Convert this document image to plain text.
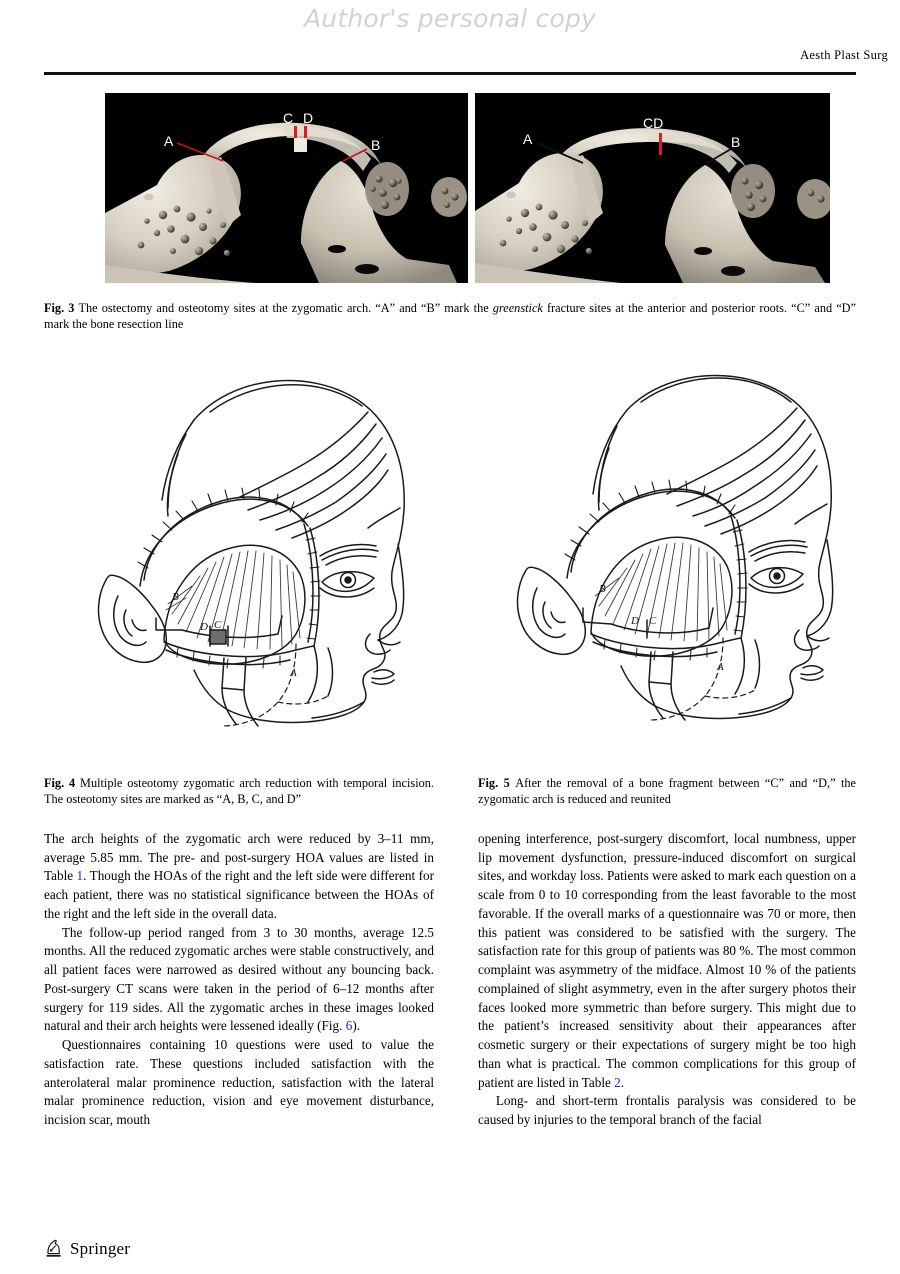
Author's personal copy
Aesth Plast Surg
A
C D
B	A
CD
B
Fig. 3 The ostectomy and osteotomy sites at the zygomatic arch. “A” and “B” mark the greenstick fracture sites at the anterior and posterior roots. “C” and “D” mark the bone resection line
B
D C
A
B
D C
A
Fig. 4 Multiple osteotomy zygomatic arch reduction with temporal incision. The osteotomy sites are marked as “A, B, C, and D”
Fig. 5 After the removal of a bone fragment between “C” and “D,” the zygomatic arch is reduced and reunited

The arch heights of the zygomatic arch were reduced by 3–11 mm, average 5.85 mm. The pre- and post-surgery HOA values are listed in Table 1. Though the HOAs of the right and the left side were different for each patient, there was no statistical significance between the HOAs of the right and the left side in the overall data.

The follow-up period ranged from 3 to 30 months, average 12.5 months. All the reduced zygomatic arches were stable constructively, and all patient faces were narrowed as desired without any bouncing back. Post-surgery CT scans were taken in the period of 6–12 months after surgery for 119 sides. All the zygomatic arches in these images looked natural and their arch heights were lessened ideally (Fig. 6).

Questionnaires containing 10 questions were used to value the satisfaction rate. These questions included satisfaction with the anterolateral malar prominence reduction, satisfaction with the lateral malar prominence reduction, vision and eye movement disturbance, incision scar, mouth

opening interference, post-surgery discomfort, local numbness, upper lip movement dysfunction, pressure-induced discomfort on surgical sites, and workday loss. Patients were asked to mark each question on a scale from 0 to 10 corresponding from the least favorable to the most favorable. If the overall marks of a questionnaire was 70 or more, then this patient was considered to be satisfied with the surgery. The satisfaction rate for this group of patients was 80 %. The most common complaint was asymmetry of the midface. Almost 10 % of the patients complained of slight asymmetry, even in the after surgery photos their faces looked more symmetric than before surgery. This might due to the patient’s increased sensitivity about their appearances after cosmetic surgery or their expectations of surgery might be too high than what is practical. The common complications for this group of patient are listed in Table 2.

Long- and short-term frontalis paralysis was considered to be caused by injuries to the temporal branch of the facial

Springer
